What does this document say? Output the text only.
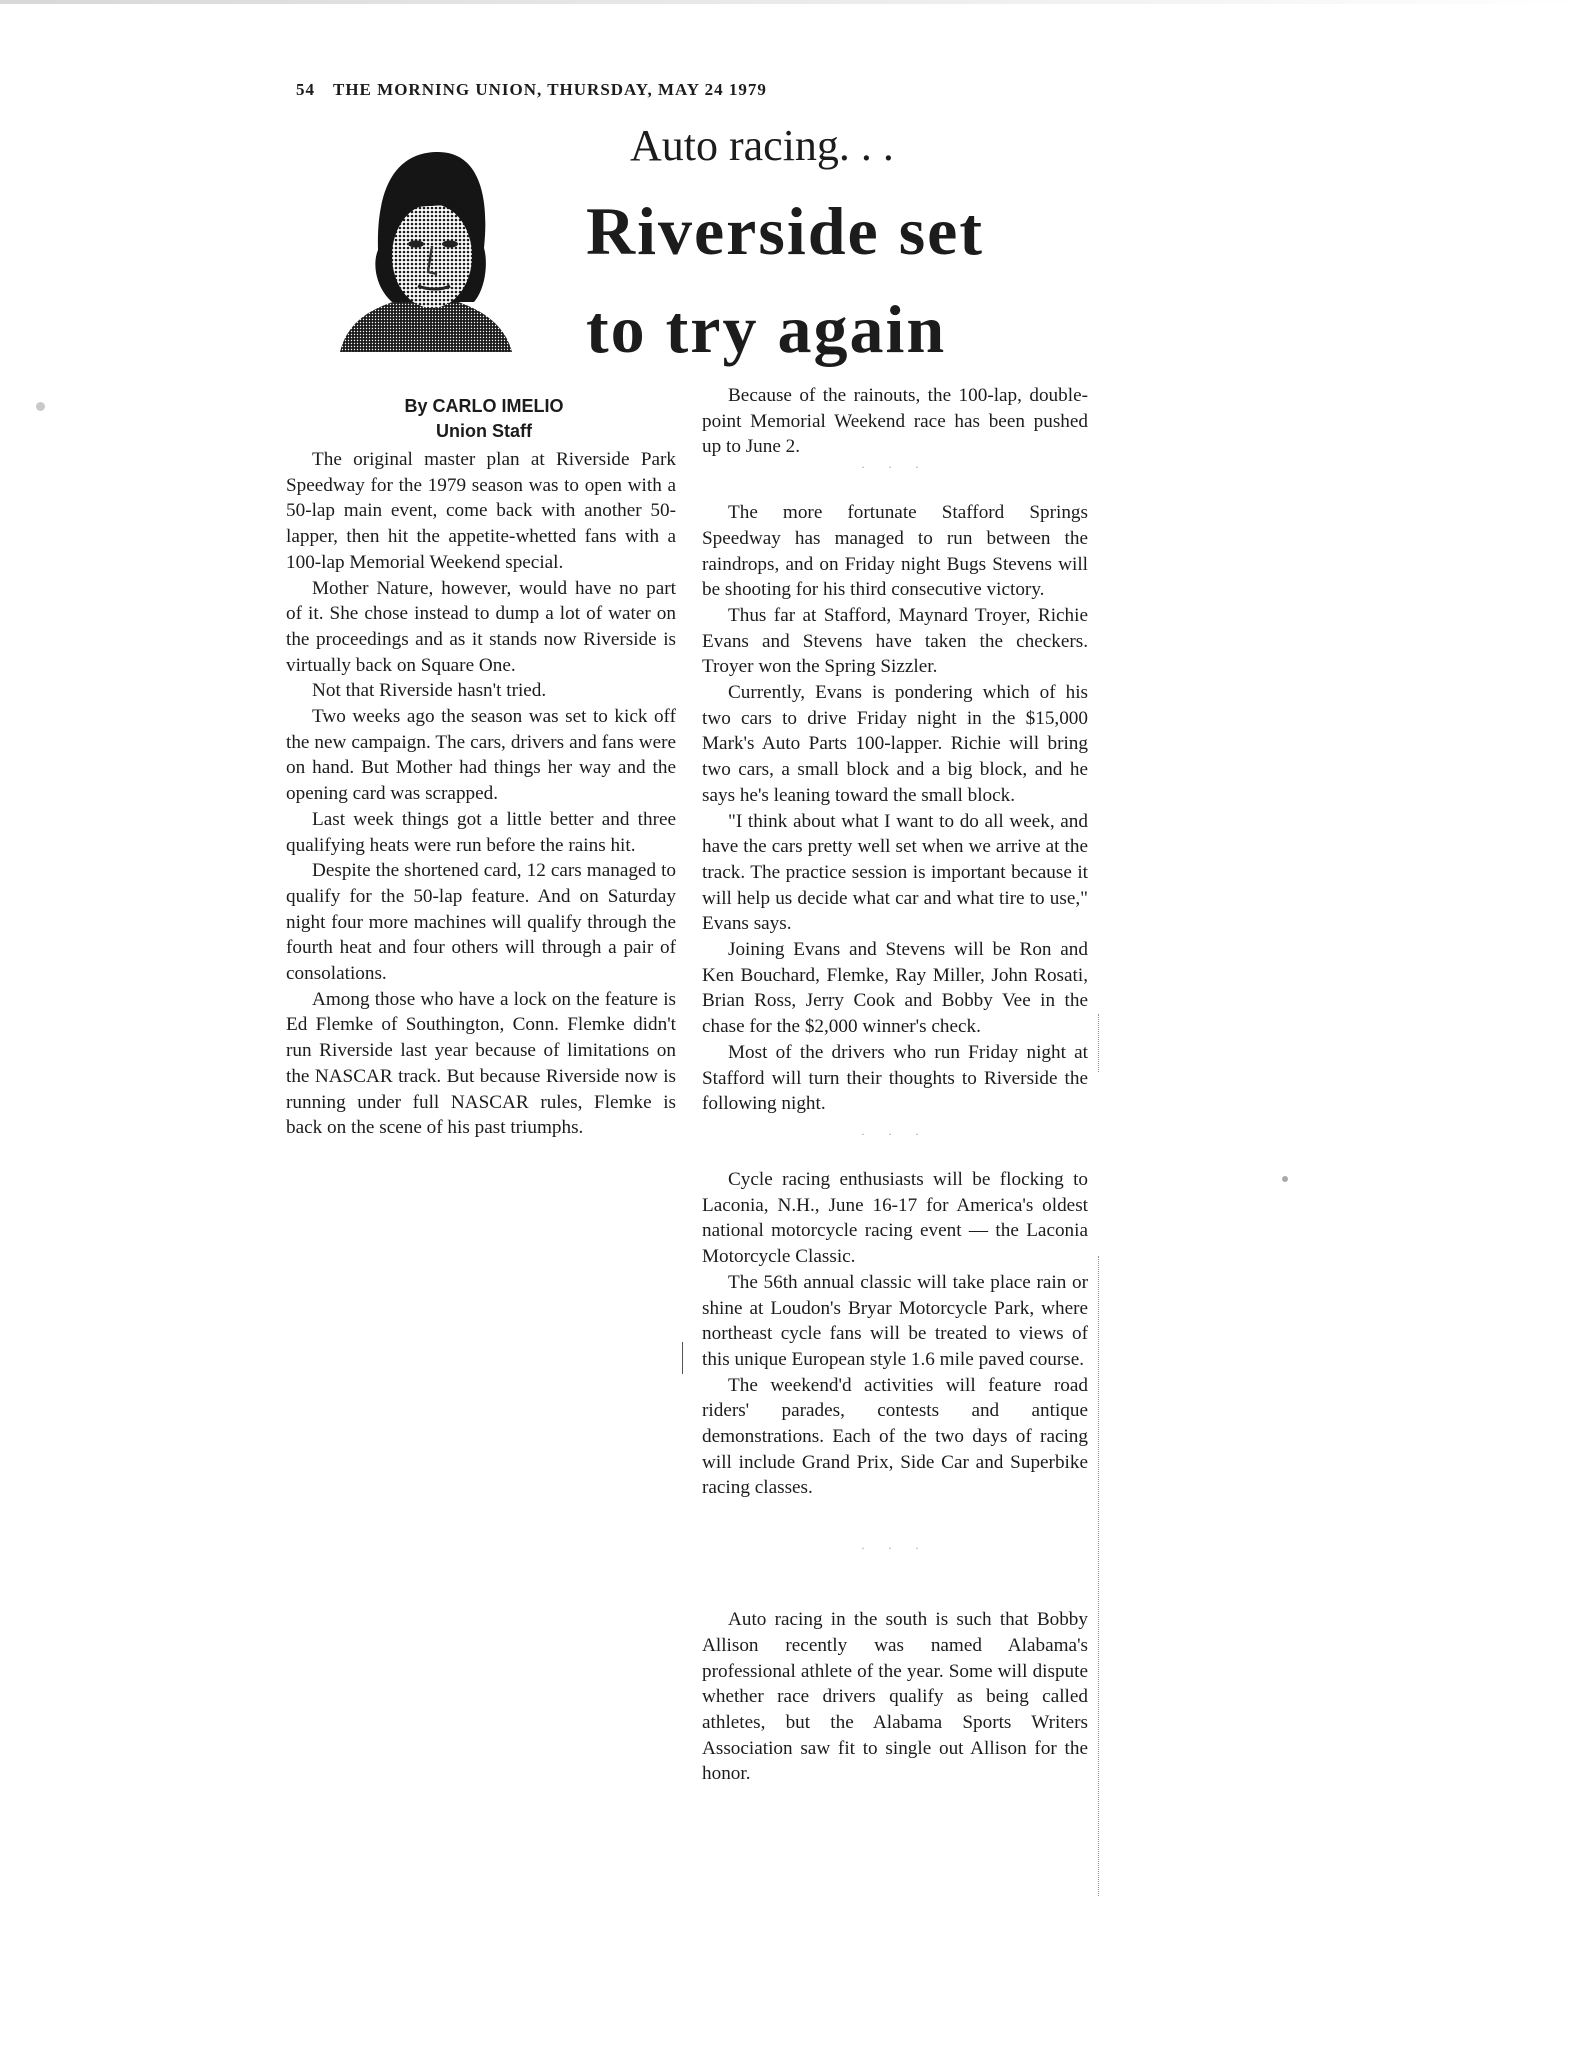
54 THE MORNING UNION, THURSDAY, MAY 24 1979
Auto racing. . .
Riverside set
to try again
By CARLO IMELIO
Union Staff

The original master plan at Riverside Park Speedway for the 1979 season was to open with a 50-lap main event, come back with another 50-lapper, then hit the appetite-whetted fans with a 100-lap Memorial Weekend special.

Mother Nature, however, would have no part of it. She chose instead to dump a lot of water on the proceedings and as it stands now Riverside is virtually back on Square One.

Not that Riverside hasn't tried.

Two weeks ago the season was set to kick off the new campaign. The cars, drivers and fans were on hand. But Mother had things her way and the opening card was scrapped.

Last week things got a little better and three qualifying heats were run before the rains hit.

Despite the shortened card, 12 cars managed to qualify for the 50-lap feature. And on Saturday night four more machines will qualify through the fourth heat and four others will through a pair of consolations.

Among those who have a lock on the feature is Ed Flemke of Southington, Conn. Flemke didn't run Riverside last year because of limitations on the NASCAR track. But because Riverside now is running under full NASCAR rules, Flemke is back on the scene of his past triumphs.

Because of the rainouts, the 100-lap, double-point Memorial Weekend race has been pushed up to June 2.

· · ·

The more fortunate Stafford Springs Speedway has managed to run between the raindrops, and on Friday night Bugs Stevens will be shooting for his third consecutive victory.

Thus far at Stafford, Maynard Troyer, Richie Evans and Stevens have taken the checkers. Troyer won the Spring Sizzler.

Currently, Evans is pondering which of his two cars to drive Friday night in the $15,000 Mark's Auto Parts 100-lapper. Richie will bring two cars, a small block and a big block, and he says he's leaning toward the small block.

"I think about what I want to do all week, and have the cars pretty well set when we arrive at the track. The practice session is important because it will help us decide what car and what tire to use," Evans says.

Joining Evans and Stevens will be Ron and Ken Bouchard, Flemke, Ray Miller, John Rosati, Brian Ross, Jerry Cook and Bobby Vee in the chase for the $2,000 winner's check.

Most of the drivers who run Friday night at Stafford will turn their thoughts to Riverside the following night.

· · ·

Cycle racing enthusiasts will be flocking to Laconia, N.H., June 16-17 for America's oldest national motorcycle racing event — the Laconia Motorcycle Classic.

The 56th annual classic will take place rain or shine at Loudon's Bryar Motorcycle Park, where northeast cycle fans will be treated to views of this unique European style 1.6 mile paved course.

The weekend'd activities will feature road riders' parades, contests and antique demonstrations. Each of the two days of racing will include Grand Prix, Side Car and Superbike racing classes.

· · ·

Auto racing in the south is such that Bobby Allison recently was named Alabama's professional athlete of the year. Some will dispute whether race drivers qualify as being called athletes, but the Alabama Sports Writers Association saw fit to single out Allison for the honor.
